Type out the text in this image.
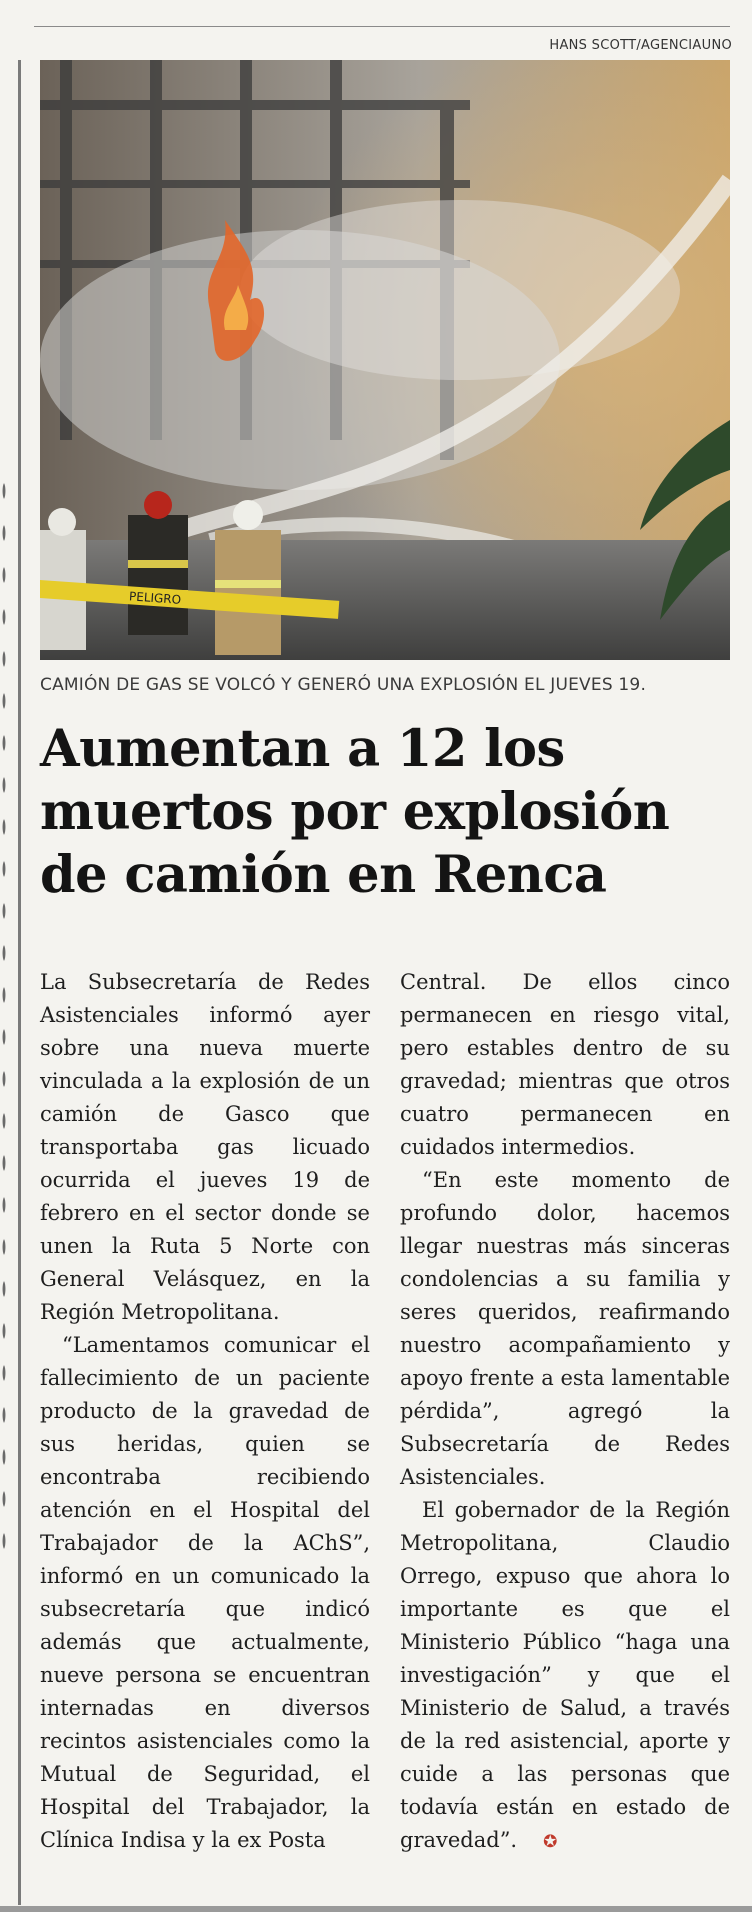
HANS SCOTT/AGENCIAUNO
PELIGRO
CAMIÓN DE GAS SE VOLCÓ Y GENERÓ UNA EXPLOSIÓN EL JUEVES 19.
Aumentan a 12 los muertos por explosión de camión en Renca

La Subsecretaría de Redes Asistenciales informó ayer sobre una nueva muerte vinculada a la explosión de un camión de Gasco que transportaba gas licuado ocurrida el jueves 19 de febrero en el sector donde se unen la Ruta 5 Norte con General Velásquez, en la Región Metropolitana.

“Lamentamos comunicar el fallecimiento de un paciente producto de la gravedad de sus heridas, quien se encontraba recibiendo atención en el Hospital del Trabajador de la AChS”, informó en un comunicado la subsecretaría que indicó además que actualmente, nueve persona se encuentran internadas en diversos recintos asistenciales como la Mutual de Seguridad, el Hospital del Trabajador, la Clínica Indisa y la ex Posta

Central. De ellos cinco permanecen en riesgo vital, pero estables dentro de su gravedad; mientras que otros cuatro permanecen en cuidados intermedios.

“En este momento de profundo dolor, hacemos llegar nuestras más sinceras condolencias a su familia y seres queridos, reafirmando nuestro acompañamiento y apoyo frente a esta lamentable pérdida”, agregó la Subsecretaría de Redes Asistenciales.

El gobernador de la Región Metropolitana, Claudio Orrego, expuso que ahora lo importante es que el Ministerio Público “haga una investigación” y que el Ministerio de Salud, a través de la red asistencial, aporte y cuide a las personas que todavía están en estado de gravedad”. ✪
